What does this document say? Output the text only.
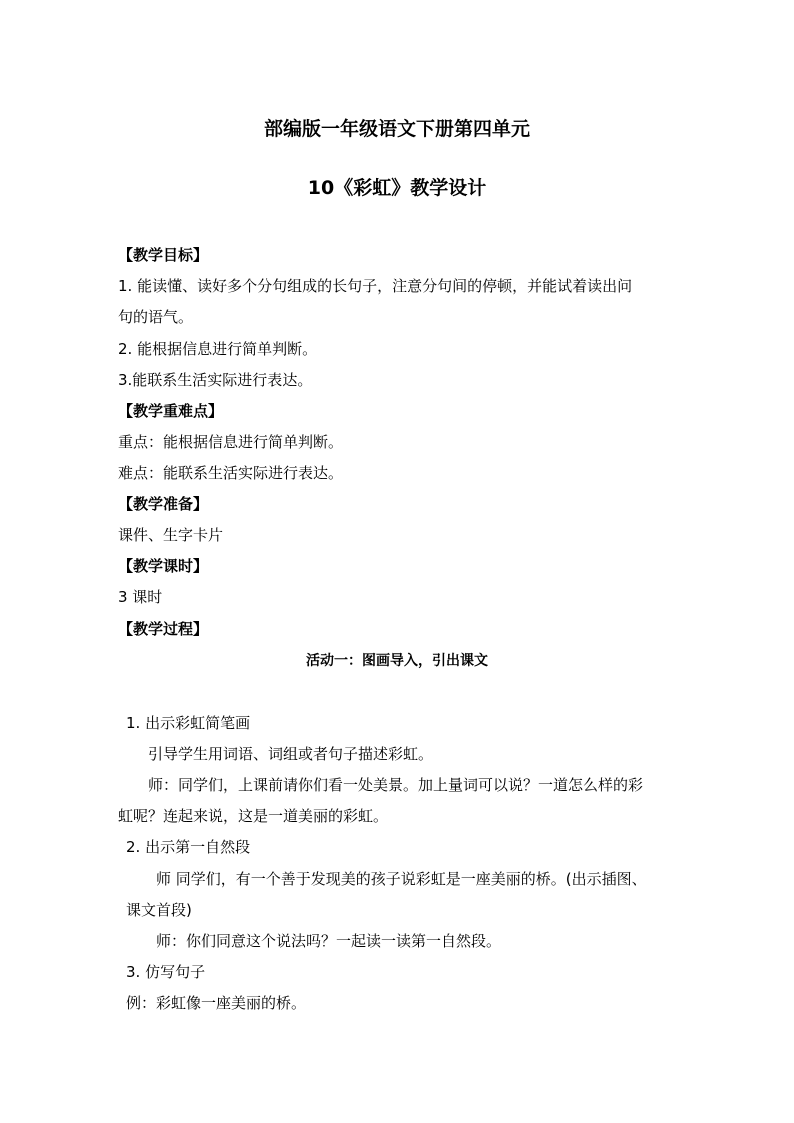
部编版一年级语文下册第四单元
10《彩虹》教学设计
【教学目标】
1. 能读懂、读好多个分句组成的长句子，注意分句间的停顿，并能试着读出问
句的语气。
2. 能根据信息进行简单判断。
3.能联系生活实际进行表达。
【教学重难点】
重点：能根据信息进行简单判断。
难点：能联系生活实际进行表达。
【教学准备】
课件、生字卡片
【教学课时】
3 课时
【教学过程】
活动一：图画导入，引出课文
1. 出示彩虹简笔画
引导学生用词语、词组或者句子描述彩虹。
师：同学们，上课前请你们看一处美景。加上量词可以说？一道怎么样的彩
虹呢？连起来说，这是一道美丽的彩虹。
2. 出示第一自然段
师 同学们，有一个善于发现美的孩子说彩虹是一座美丽的桥。(出示插图、
课文首段)
师：你们同意这个说法吗？一起读一读第一自然段。
3. 仿写句子
例：彩虹像一座美丽的桥。
